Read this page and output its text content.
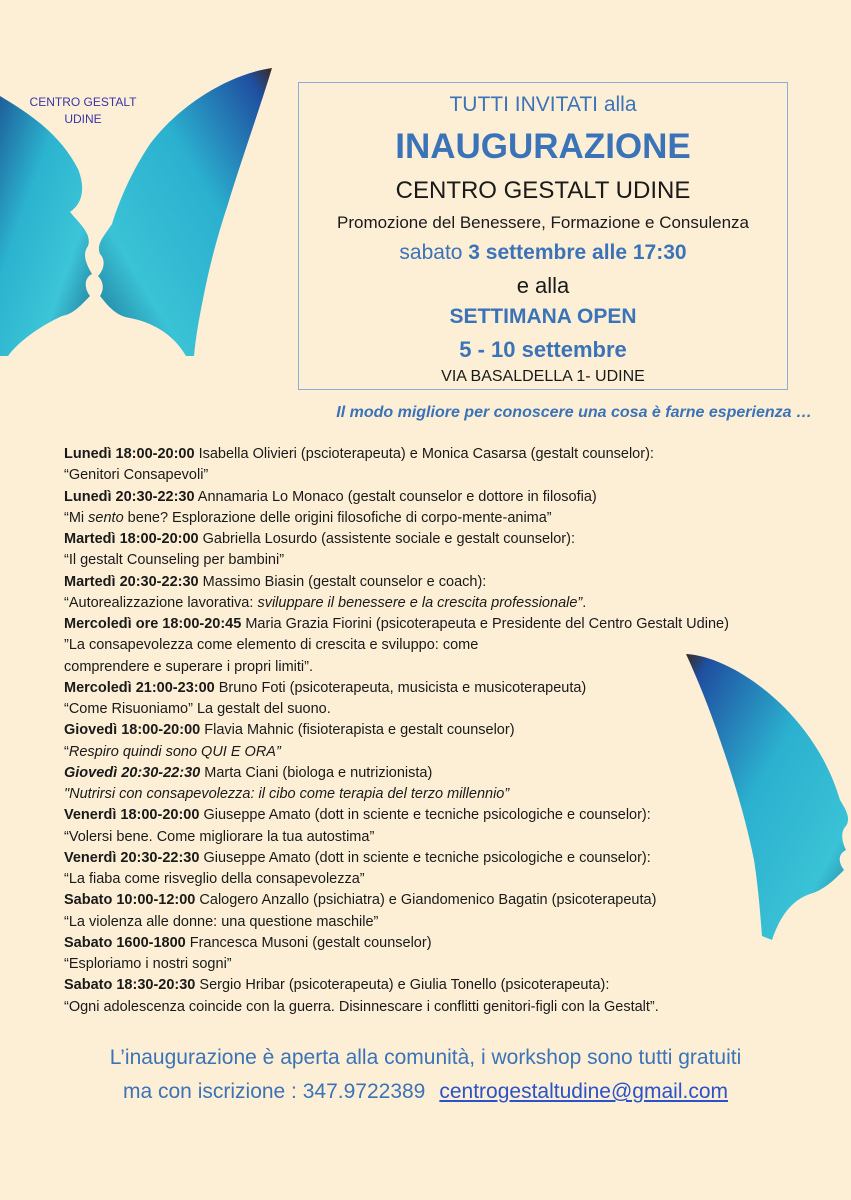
CENTRO GESTALT
UDINE
TUTTI INVITATI alla
INAUGURAZIONE
CENTRO GESTALT UDINE
Promozione del Benessere, Formazione e Consulenza
sabato 3 settembre alle 17:30
e alla
SETTIMANA OPEN
5 - 10 settembre
VIA BASALDELLA 1- UDINE
Il modo migliore per conoscere una cosa è farne esperienza …
Lunedì 18:00-20:00 Isabella Olivieri (pscioterapeuta) e Monica Casarsa (gestalt counselor):
“Genitori Consapevoli”
Lunedì 20:30-22:30 Annamaria Lo Monaco (gestalt counselor e dottore in filosofia)
“Mi sento bene? Esplorazione delle origini filosofiche di corpo-mente-anima”
Martedì 18:00-20:00 Gabriella Losurdo (assistente sociale e gestalt counselor):
“Il gestalt Counseling per bambini”
Martedì 20:30-22:30 Massimo Biasin (gestalt counselor e coach):
“Autorealizzazione lavorativa: sviluppare il benessere e la crescita professionale”.
Mercoledì ore 18:00-20:45 Maria Grazia Fiorini (psicoterapeuta e Presidente del Centro Gestalt Udine)
”La consapevolezza come elemento di crescita e sviluppo: come
comprendere e superare i propri limiti”.
Mercoledì 21:00-23:00 Bruno Foti (psicoterapeuta, musicista e musicoterapeuta)
“Come Risuoniamo” La gestalt del suono.
Giovedì 18:00-20:00 Flavia Mahnic (fisioterapista e gestalt counselor)
“Respiro quindi sono QUI E ORA”
Giovedì 20:30-22:30 Marta Ciani (biologa e nutrizionista)
"Nutrirsi con consapevolezza: il cibo come terapia del terzo millennio”
Venerdì 18:00-20:00 Giuseppe Amato (dott in sciente e tecniche psicologiche e counselor):
“Volersi bene. Come migliorare la tua autostima”
Venerdì 20:30-22:30 Giuseppe Amato (dott in sciente e tecniche psicologiche e counselor):
“La fiaba come risveglio della consapevolezza”
Sabato 10:00-12:00 Calogero Anzallo (psichiatra) e Giandomenico Bagatin (psicoterapeuta)
“La violenza alle donne: una questione maschile”
Sabato 1600-1800 Francesca Musoni (gestalt counselor)
“Esploriamo i nostri sogni”
Sabato 18:30-20:30 Sergio Hribar (psicoterapeuta) e Giulia Tonello (psicoterapeuta):
“Ogni adolescenza coincide con la guerra. Disinnescare i conflitti genitori-figli con la Gestalt”.
L’inaugurazione è aperta alla comunità, i workshop sono tutti gratuiti
ma con iscrizione : 347.9722389 centrogestaltudine@gmail.com
